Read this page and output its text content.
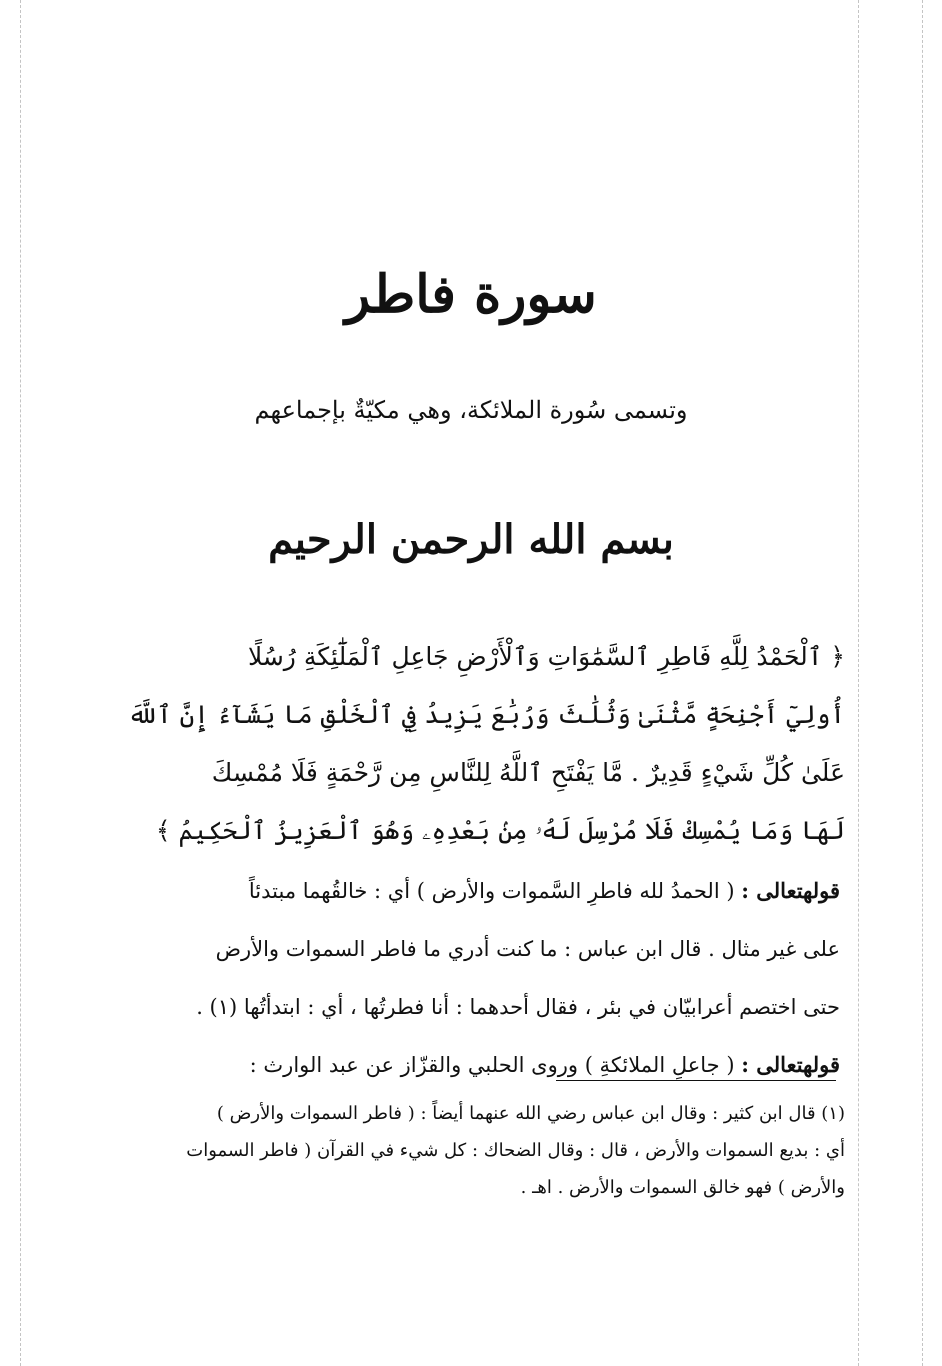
سورة فاطر
وتسمى سُورة الملائكة، وهي مكيّةٌ بإجماعهم
بسم الله الرحمن الرحيم
﴿ ٱلْحَمْدُ لِلَّهِ فَاطِرِ ٱلسَّمَٰوَاتِ وَٱلْأَرْضِ جَاعِلِ ٱلْمَلَٰٓئِكَةِ رُسُلًا
أُولِيٓ أَجْنِحَةٍ مَّثْنَىٰ وَثُلَٰثَ وَرُبَٰعَ يَزِيدُ فِي ٱلْخَلْقِ مَا يَشَآءُ إِنَّ ٱللَّهَ
عَلَىٰ كُلِّ شَيْءٍ قَدِيرٌ . مَّا يَفْتَحِ ٱللَّهُ لِلنَّاسِ مِن رَّحْمَةٍ فَلَا مُمْسِكَ
لَهَا وَمَا يُمْسِكْ فَلَا مُرْسِلَ لَهُۥ مِنۢ بَعْدِهِۦ وَهُوَ ٱلْعَزِيزُ ٱلْحَكِيمُ ﴾
قولهتعالى : ( الحمدُ لله فاطرِ السَّموات والأرض ) أي : خالقُهما مبتدئاً
على غير مثال . قال ابن عباس : ما كنت أدري ما فاطر السموات والأرض
حتى اختصم أعرابيّان في بئر ، فقال أحدهما : أنا فطرتُها ، أي : ابتدأتُها (١) .
قولهتعالى : ( جاعلِ الملائكةِ ) وروى الحلبي والقزّاز عن عبد الوارث :
(١) قال ابن كثير : وقال ابن عباس رضي الله عنهما أيضاً : ( فاطر السموات والأرض )
أي : بديع السموات والأرض ، قال : وقال الضحاك : كل شيء في القرآن ( فاطر السموات
والأرض ) فهو خالق السموات والأرض . اهـ .
